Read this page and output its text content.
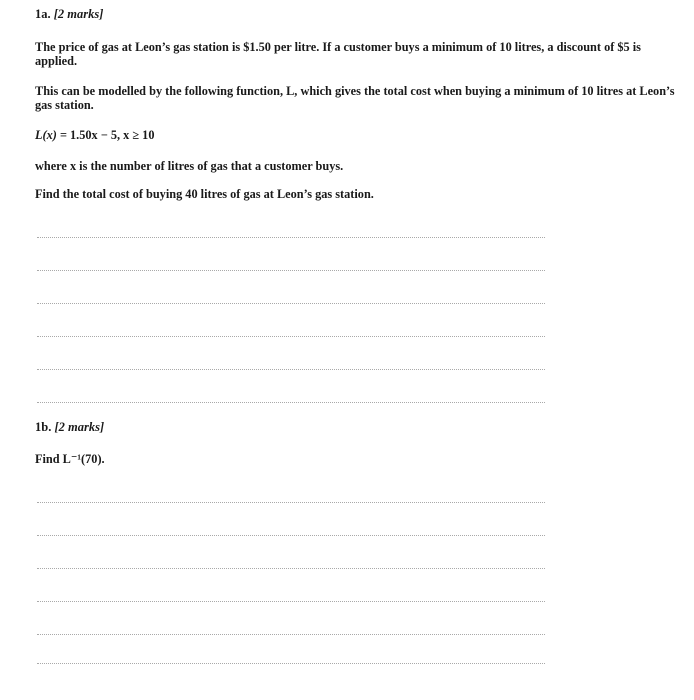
1a. [2 marks]
The price of gas at Leon’s gas station is $1.50 per litre. If a customer buys a minimum of 10 litres, a discount of $5 is applied.
This can be modelled by the following function, L, which gives the total cost when buying a minimum of 10 litres at Leon’s gas station.
L(x) = 1.50x − 5, x ≥ 10
where x is the number of litres of gas that a customer buys.
Find the total cost of buying 40 litres of gas at Leon’s gas station.
1b. [2 marks]
Find L⁻¹(70).
